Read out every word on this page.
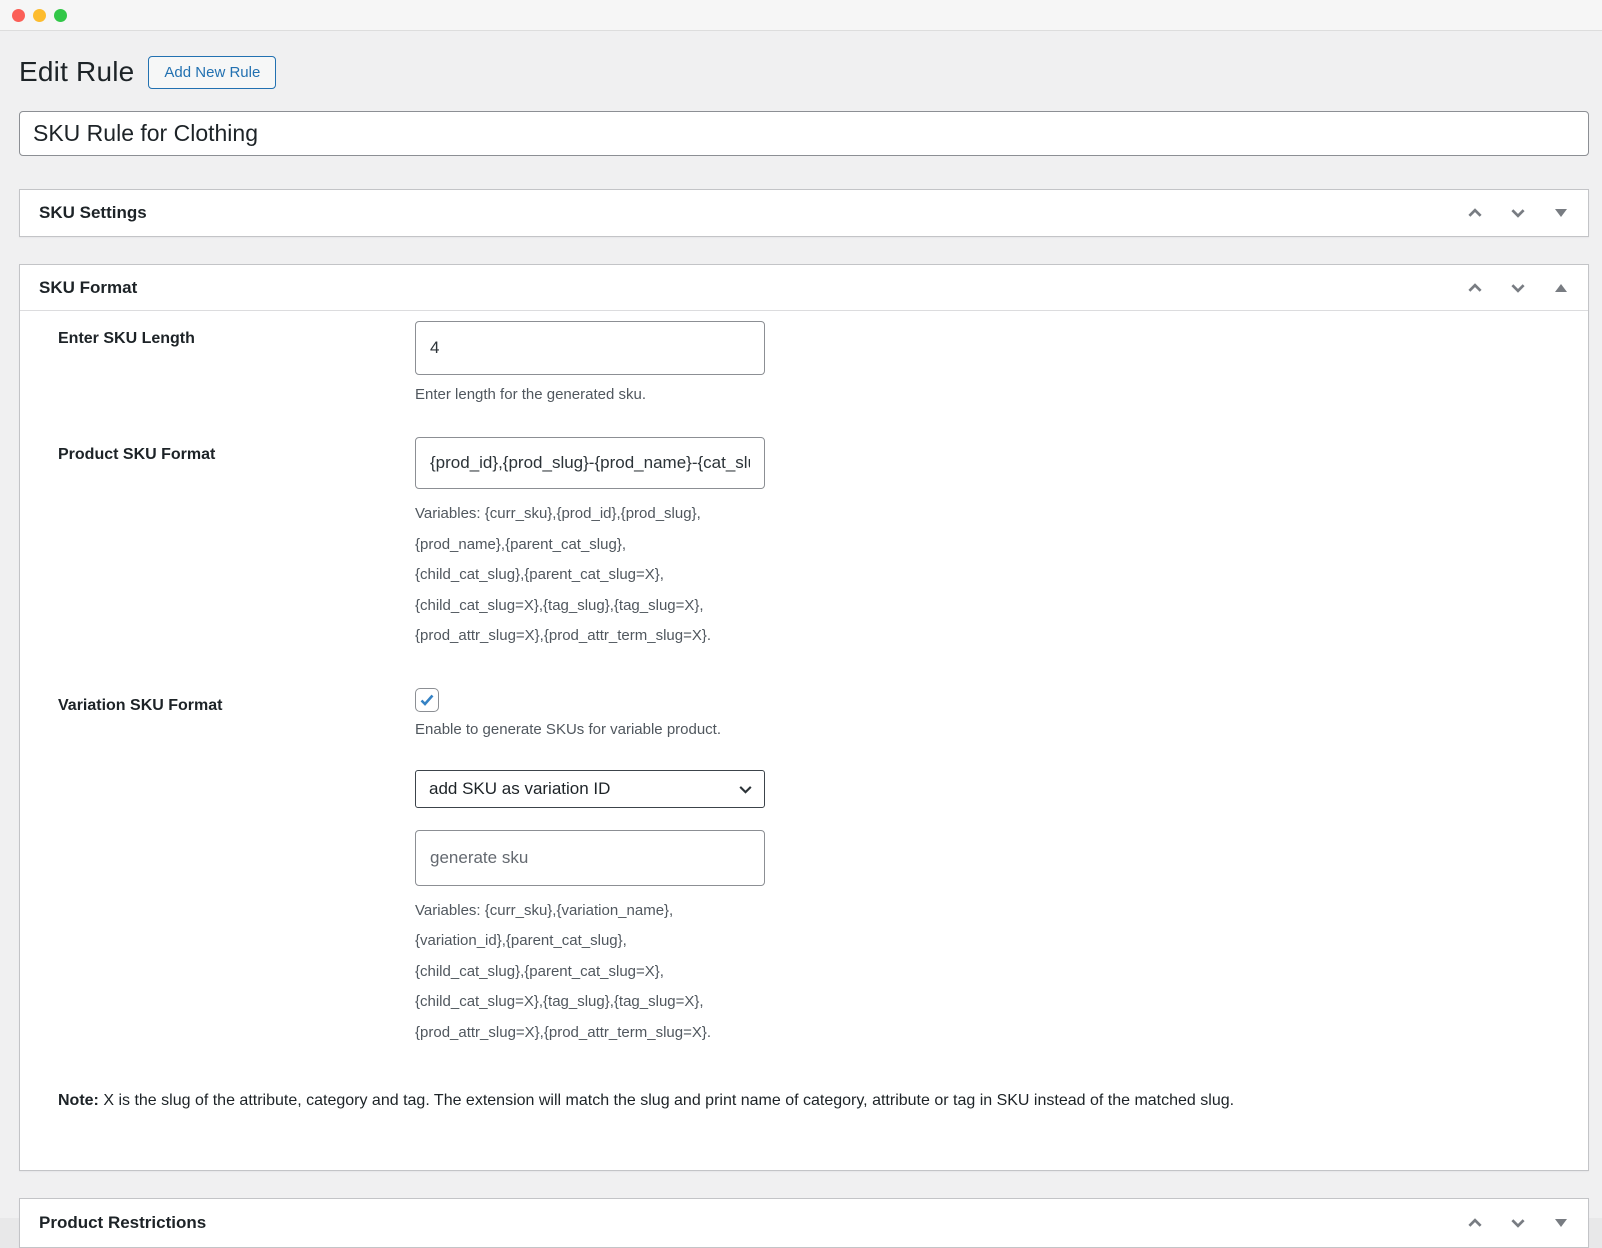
Edit Rule	Add New Rule
SKU Rule for Clothing
SKU Settings
SKU Format
Enter SKU Length
4
Enter length for the generated sku.
Product SKU Format
{prod_id},{prod_slug}-{prod_name}-{cat_slug}
Variables: {curr_sku},{prod_id},{prod_slug},
{prod_name},{parent_cat_slug},
{child_cat_slug},{parent_cat_slug=X},
{child_cat_slug=X},{tag_slug},{tag_slug=X},
{prod_attr_slug=X},{prod_attr_term_slug=X}.
Variation SKU Format
Enable to generate SKUs for variable product.
add SKU as variation ID
generate sku
Variables: {curr_sku},{variation_name},
{variation_id},{parent_cat_slug},
{child_cat_slug},{parent_cat_slug=X},
{child_cat_slug=X},{tag_slug},{tag_slug=X},
{prod_attr_slug=X},{prod_attr_term_slug=X}.
Note: X is the slug of the attribute, category and tag. The extension will match the slug and print name of category, attribute or tag in SKU instead of the matched slug.
Product Restrictions
